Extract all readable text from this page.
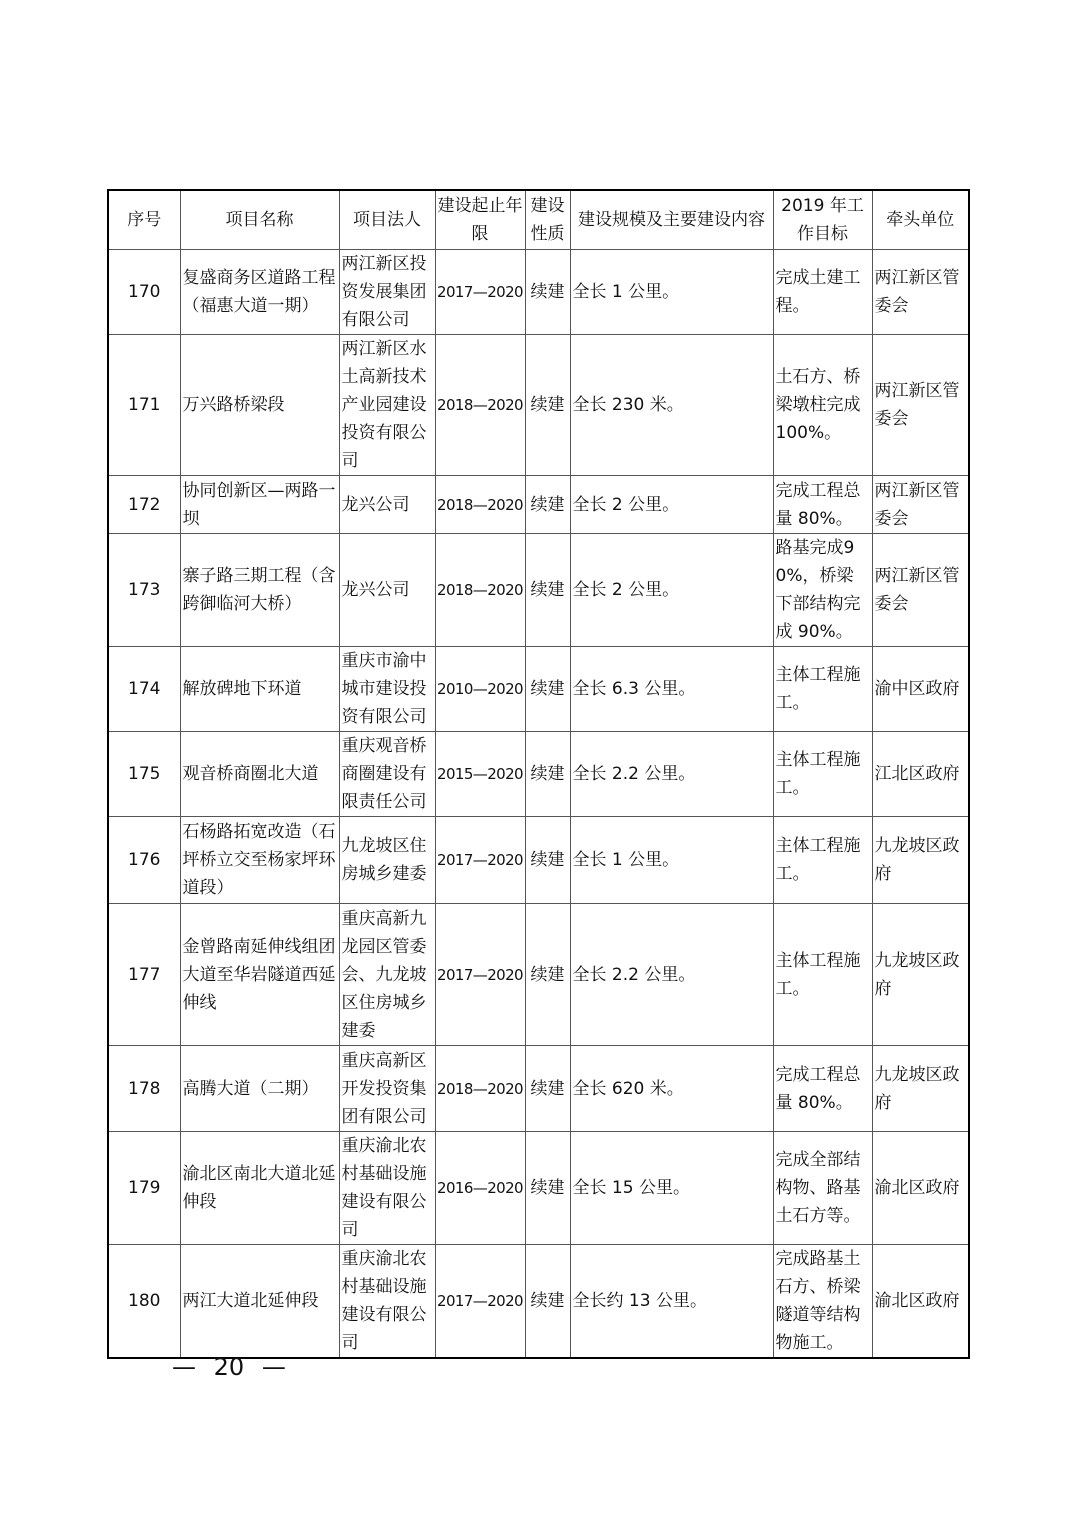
序号	项目名称	项目法人	建设起止年限	建设性质	建设规模及主要建设内容	2019 年工作目标	牵头单位
170	复盛商务区道路工程（福惠大道一期）	两江新区投资发展集团有限公司	2017—2020	续建	全长 1 公里。	完成土建工程。	两江新区管委会
171	万兴路桥梁段	两江新区水土高新技术产业园建设投资有限公司	2018—2020	续建	全长 230 米。	土石方、桥梁墩柱完成100%。	两江新区管委会
172	协同创新区—两路一坝	龙兴公司	2018—2020	续建	全长 2 公里。	完成工程总量 80%。	两江新区管委会
173	寨子路三期工程（含跨御临河大桥）	龙兴公司	2018—2020	续建	全长 2 公里。	路基完成90%，桥梁下部结构完成 90%。	两江新区管委会
174	解放碑地下环道	重庆市渝中城市建设投资有限公司	2010—2020	续建	全长 6.3 公里。	主体工程施工。	渝中区政府
175	观音桥商圈北大道	重庆观音桥商圈建设有限责任公司	2015—2020	续建	全长 2.2 公里。	主体工程施工。	江北区政府
176	石杨路拓宽改造（石坪桥立交至杨家坪环道段）	九龙坡区住房城乡建委	2017—2020	续建	全长 1 公里。	主体工程施工。	九龙坡区政府
177	金曾路南延伸线组团大道至华岩隧道西延伸线	重庆高新九龙园区管委会、九龙坡区住房城乡建委	2017—2020	续建	全长 2.2 公里。	主体工程施工。	九龙坡区政府
178	高腾大道（二期）	重庆高新区开发投资集团有限公司	2018—2020	续建	全长 620 米。	完成工程总量 80%。	九龙坡区政府
179	渝北区南北大道北延伸段	重庆渝北农村基础设施建设有限公司	2016—2020	续建	全长 15 公里。	完成全部结构物、路基土石方等。	渝北区政府
180	两江大道北延伸段	重庆渝北农村基础设施建设有限公司	2017—2020	续建	全长约 13 公里。	完成路基土石方、桥梁隧道等结构物施工。	渝北区政府
— 20 —
